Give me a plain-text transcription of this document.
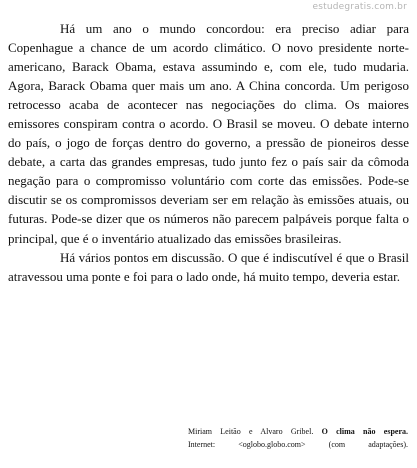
estudegratis.com.br

Há um ano o mundo concordou: era preciso adiar para Copenhague a chance de um acordo climático. O novo presidente norte-americano, Barack Obama, estava assumindo e, com ele, tudo mudaria. Agora, Barack Obama quer mais um ano. A China concorda. Um perigoso retrocesso acaba de acontecer nas negociações do clima. Os maiores emissores conspiram contra o acordo. O Brasil se moveu. O debate interno do país, o jogo de forças dentro do governo, a pressão de pioneiros desse debate, a carta das grandes empresas, tudo junto fez o país sair da cômoda negação para o compromisso voluntário com corte das emissões. Pode-se discutir se os compromissos deveriam ser em relação às emissões atuais, ou futuras. Pode-se dizer que os números não parecem palpáveis porque falta o principal, que é o inventário atualizado das emissões brasileiras.

Há vários pontos em discussão. O que é indiscutível é que o Brasil atravessou uma ponte e foi para o lado onde, há muito tempo, deveria estar.

Miriam Leitão e Alvaro Gribel. O clima não espera.
Internet: <oglobo.globo.com> (com adaptações).
